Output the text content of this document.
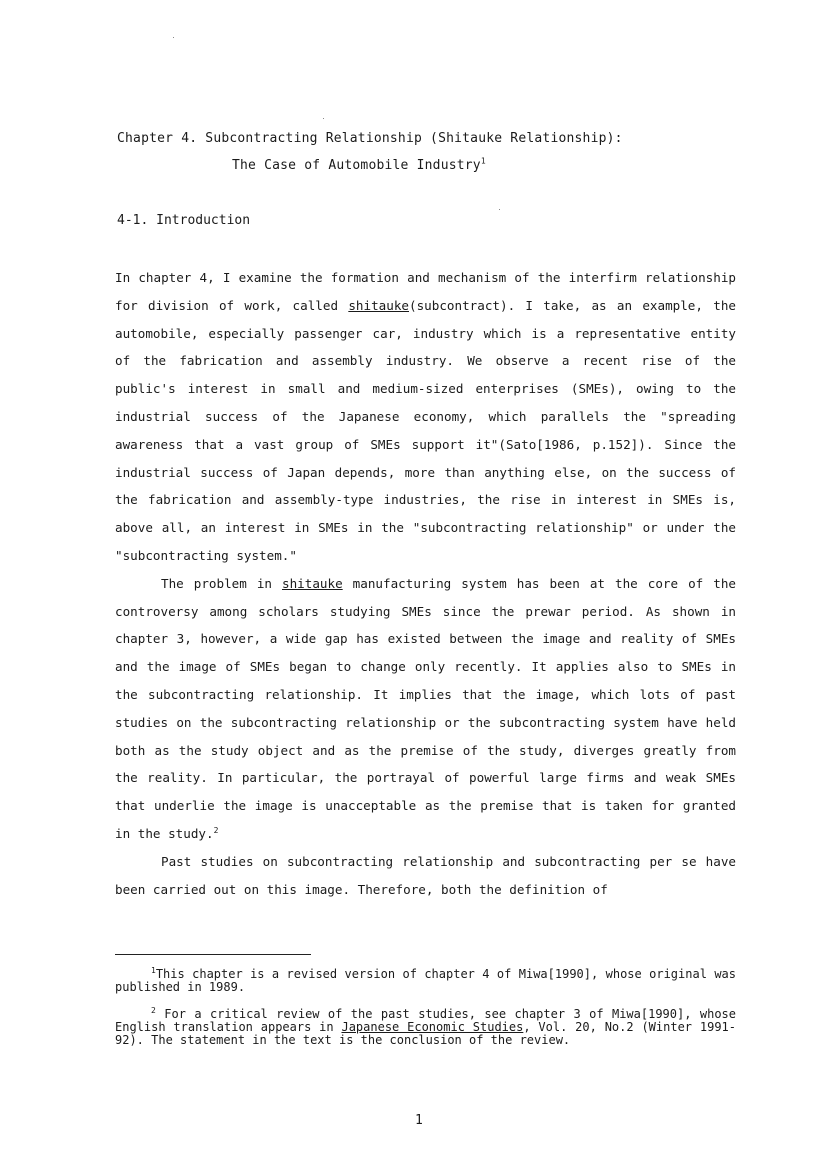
Chapter 4. Subcontracting Relationship (Shitauke Relationship):
The Case of Automobile Industry$^1$
4-1. Introduction

In chapter 4, I examine the formation and mechanism of the interfirm relationship for division of work, called shitauke(subcontract). I take, as an example, the automobile, especially passenger car, industry which is a representative entity of the fabrication and assembly industry. We observe a recent rise of the public's interest in small and medium-sized enterprises (SMEs), owing to the industrial success of the Japanese economy, which parallels the "spreading awareness that a vast group of SMEs support it"(Sato[1986, p.152]). Since the industrial success of Japan depends, more than anything else, on the success of the fabrication and assembly-type industries, the rise in interest in SMEs is, above all, an interest in SMEs in the "subcontracting relationship" or under the "subcontracting system."

The problem in shitauke manufacturing system has been at the core of the controversy among scholars studying SMEs since the prewar period. As shown in chapter 3, however, a wide gap has existed between the image and reality of SMEs and the image of SMEs began to change only recently. It applies also to SMEs in the subcontracting relationship. It implies that the image, which lots of past studies on the subcontracting relationship or the subcontracting system have held both as the study object and as the premise of the study, diverges greatly from the reality. In particular, the portrayal of powerful large firms and weak SMEs that underlie the image is unacceptable as the premise that is taken for granted in the study.$^2$

Past studies on subcontracting relationship and subcontracting per se have been carried out on this image. Therefore, both the definition of

$^1$This chapter is a revised version of chapter 4 of Miwa[1990], whose original was published in 1989.

$^2$ For a critical review of the past studies, see chapter 3 of Miwa[1990], whose English translation appears in Japanese Economic Studies, Vol. 20, No.2 (Winter 1991-92). The statement in the text is the conclusion of the review.

1
